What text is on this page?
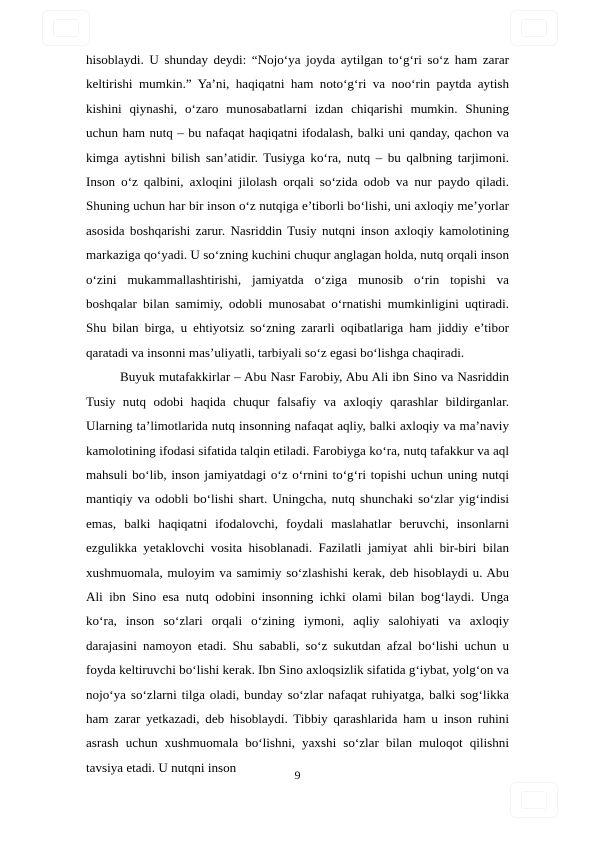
hisoblaydi. U shunday deydi: “Nojo‘ya joyda aytilgan to‘g‘ri so‘z ham zarar keltirishi mumkin.” Ya’ni, haqiqatni ham noto‘g‘ri va noo‘rin paytda aytish kishini qiynashi, o‘zaro munosabatlarni izdan chiqarishi mumkin. Shuning uchun ham nutq – bu nafaqat haqiqatni ifodalash, balki uni qanday, qachon va kimga aytishni bilish san’atidir. Tusiyga ko‘ra, nutq – bu qalbning tarjimoni. Inson o‘z qalbini, axloqini jilolash orqali so‘zida odob va nur paydo qiladi. Shuning uchun har bir inson o‘z nutqiga e’tiborli bo‘lishi, uni axloqiy me’yorlar asosida boshqarishi zarur. Nasriddin Tusiy nutqni inson axloqiy kamolotining markaziga qo‘yadi. U so‘zning kuchini chuqur anglagan holda, nutq orqali inson o‘zini mukammallashtirishi, jamiyatda o‘ziga munosib o‘rin topishi va boshqalar bilan samimiy, odobli munosabat o‘rnatishi mumkinligini uqtiradi. Shu bilan birga, u ehtiyotsiz so‘zning zararli oqibatlariga ham jiddiy e’tibor qaratadi va insonni mas’uliyatli, tarbiyali so‘z egasi bo‘lishga chaqiradi.

Buyuk mutafakkirlar – Abu Nasr Farobiy, Abu Ali ibn Sino va Nasriddin Tusiy nutq odobi haqida chuqur falsafiy va axloqiy qarashlar bildirganlar. Ularning ta’limotlarida nutq insonning nafaqat aqliy, balki axloqiy va ma’naviy kamolotining ifodasi sifatida talqin etiladi. Farobiyga ko‘ra, nutq tafakkur va aql mahsuli bo‘lib, inson jamiyatdagi o‘z o‘rnini to‘g‘ri topishi uchun uning nutqi mantiqiy va odobli bo‘lishi shart. Uningcha, nutq shunchaki so‘zlar yig‘indisi emas, balki haqiqatni ifodalovchi, foydali maslahatlar beruvchi, insonlarni ezgulikka yetaklovchi vosita hisoblanadi. Fazilatli jamiyat ahli bir-biri bilan xushmuomala, muloyim va samimiy so‘zlashishi kerak, deb hisoblaydi u. Abu Ali ibn Sino esa nutq odobini insonning ichki olami bilan bog‘laydi. Unga ko‘ra, inson so‘zlari orqali o‘zining iymoni, aqliy salohiyati va axloqiy darajasini namoyon etadi. Shu sababli, so‘z sukutdan afzal bo‘lishi uchun u foyda keltiruvchi bo‘lishi kerak. Ibn Sino axloqsizlik sifatida g‘iybat, yolg‘on va nojo‘ya so‘zlarni tilga oladi, bunday so‘zlar nafaqat ruhiyatga, balki sog‘likka ham zarar yetkazadi, deb hisoblaydi. Tibbiy qarashlarida ham u inson ruhini asrash uchun xushmuomala bo‘lishni, yaxshi so‘zlar bilan muloqot qilishni tavsiya etadi. U nutqni inson

9
